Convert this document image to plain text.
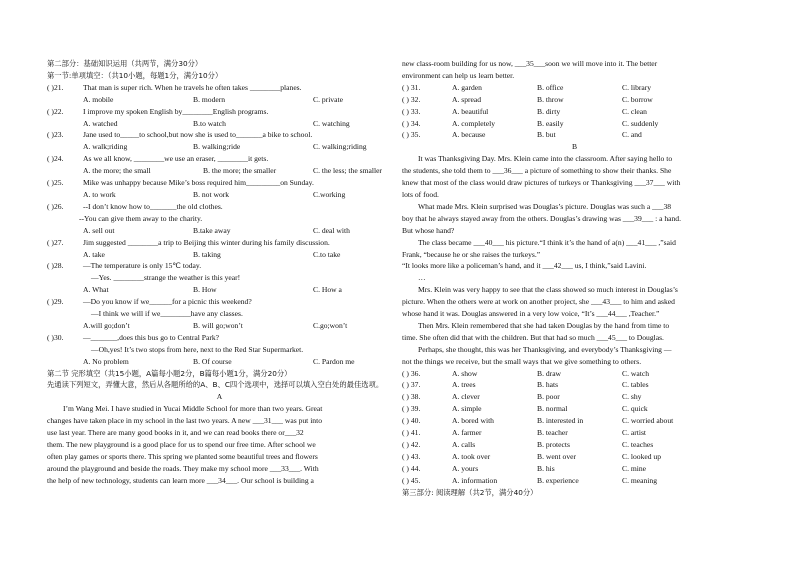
第二部分：基础知识运用（共两节，满分30分）
第一节:单项填空：（共10小题，每题1分，满分10分）
( )21.	That man is super rich. When he travels he often takes ________planes.
A. mobile	B. modern	C. private
( )22.	I improve my spoken English by________English programs.
A. watched	B.to watch	C. watching
( )23.	Jane used to_____to school,but now she is used to_______a bike to school.
A. walk;riding	B. walking;ride	C. walking;riding
( )24.	As we all know, ________we use an eraser, ________it gets.
A. the more; the small	B. the more; the smaller	C. the less; the smaller
( )25.	Mike was unhappy because Mike’s boss required him_________on Sunday.
A. to work	B. not work	C.working
( )26.	--I don’t know how to_______the old clothes.
--You can give them away to the charity.
A. sell out	B.take away	C. deal with
( )27.	Jim suggested ________a trip to Beijing this winter during his family discussion.
A. take	B. taking	C.to take
( )28.	—The temperature is only 15℃ today.
—Yes. ________strange the weather is this year!
A. What	B. How	C. How a
( )29.	—Do you know if we______for a picnic this weekend?
—I think we will if we________have any classes.
A.will go;don’t	B. will go;won’t	C.go;won’t
( )30.	—_______,does this bus go to Central Park?
—Oh,yes! It’s two stops from here, next to the Red Star Supermarket.
A. No problem	B. Of course	C. Pardon me
第二节 完形填空（共15小题，A篇每小题2分，B篇每小题1分，满分20分）
先通读下列短文，弄懂大意，然后从各题所给的A、B、C四个选项中，选择可以填入空白处的最佳选项。
A
I’m Wang Mei. I have studied in Yucai Middle School for more than two years. Great
changes have taken place in my school in the last two years. A new ___31___ was put into
use last year. There are many good books in it, and we can read books there or___32
them. The new playground is a good place for us to spend our free time. After school we
often play games or sports there. This spring we planted some beautiful trees and flowers
around the playground and beside the roads. They make my school more ___33___. With
the help of new technology, students can learn more ___34___. Our school is building a
new class-room building for us now, ___35___soon we will move into it. The better
environment can help us learn better.
( ) 31.	A. garden	B. office	C. library
( ) 32.	A. spread	B. throw	C. borrow
( ) 33.	A. beautiful	B. dirty	C. clean
( ) 34.	A. completely	B. easily	C. suddenly
( ) 35.	A. because	B. but	C. and
B
It was Thanksgiving Day. Mrs. Klein came into the classroom. After saying hello to
the students, she told them to ___36___ a picture of something to show their thanks. She
knew that most of the class would draw pictures of turkeys or Thanksgiving ___37___ with
lots of food.
What made Mrs. Klein surprised was Douglas’s picture. Douglas was such a ___38
boy that he always stayed away from the others. Douglas’s drawing was ___39___ : a hand.
But whose hand?
The class became ___40___ his picture.“I think it’s the hand of a(n) ___41___ ,”said
Frank, “because he or she raises the turkeys.”
“It looks more like a policeman’s hand, and it ___42___ us, I think,”said Lavini.
…
Mrs. Klein was very happy to see that the class showed so much interest in Douglas’s
picture. When the others were at work on another project, she ___43___ to him and asked
whose hand it was. Douglas answered in a very low voice, “It’s ___44___ ,Teacher.”
Then Mrs. Klein remembered that she had taken Douglas by the hand from time to
time. She often did that with the children. But that had so much ___45___ to Douglas.
Perhaps, she thought, this was her Thanksgiving, and everybody’s Thanksgiving —
not the things we receive, but the small ways that we give something to others.
( ) 36.	A. show	B. draw	C. watch
( ) 37.	A. trees	B. hats	C. tables
( ) 38.	A. clever	B. poor	C. shy
( ) 39.	A. simple	B. normal	C. quick
( ) 40.	A. bored with	B. interested in	C. worried about
( ) 41.	A. farmer	B. teacher	C. artist
( ) 42.	A. calls	B. protects	C. teaches
( ) 43.	A. took over	B. went over	C. looked up
( ) 44.	A. yours	B. his	C. mine
( ) 45.	A. information	B. experience	C. meaning
第三部分: 阅读理解（共2节，满分40分）
